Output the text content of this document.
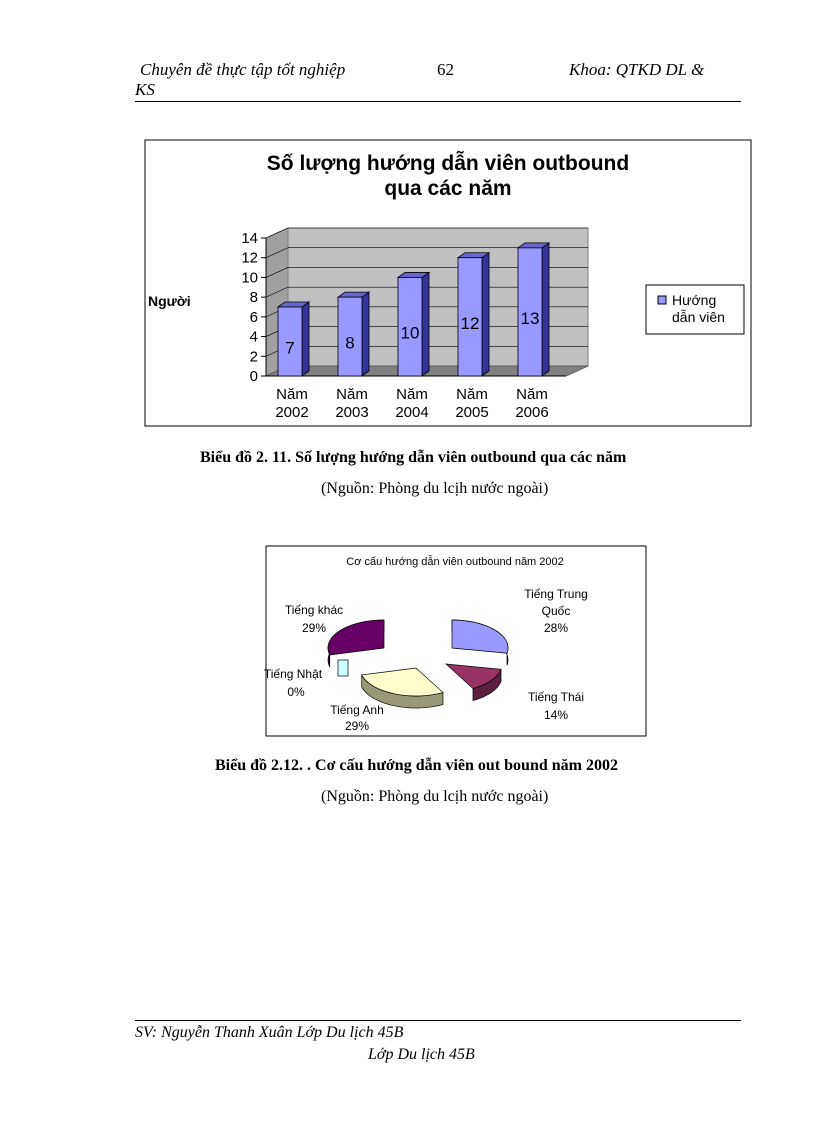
Chuyên đề thực tập tốt nghiệp	62	Khoa: QTKD DL &
KS
Số lượng hướng dẫn viên outbound
qua các năm
Người
0
2
4
6
8
10
12
14
7
Năm
2002
8
Năm
2003
10
Năm
2004
12
Năm
2005
13
Năm
2006
Hướng
dẫn viên
Biểu đồ 2. 11. Số lượng hướng dẫn viên outbound qua các năm
(Nguồn: Phòng du lcịh nước ngoài)
Cơ cấu hướng dẫn viên outbound năm 2002
Tiếng Trung
Quốc
28%
Tiếng Thái
14%
Tiếng Anh
29%
Tiếng Nhật
0%
Tiếng khác
29%
Biểu đồ 2.12. . Cơ cấu hướng dẫn viên out bound năm 2002
(Nguồn: Phòng du lcịh nước ngoài)
SV: Nguyễn Thanh Xuân Lớp Du lịch 45B
Lớp Du lịch 45B
